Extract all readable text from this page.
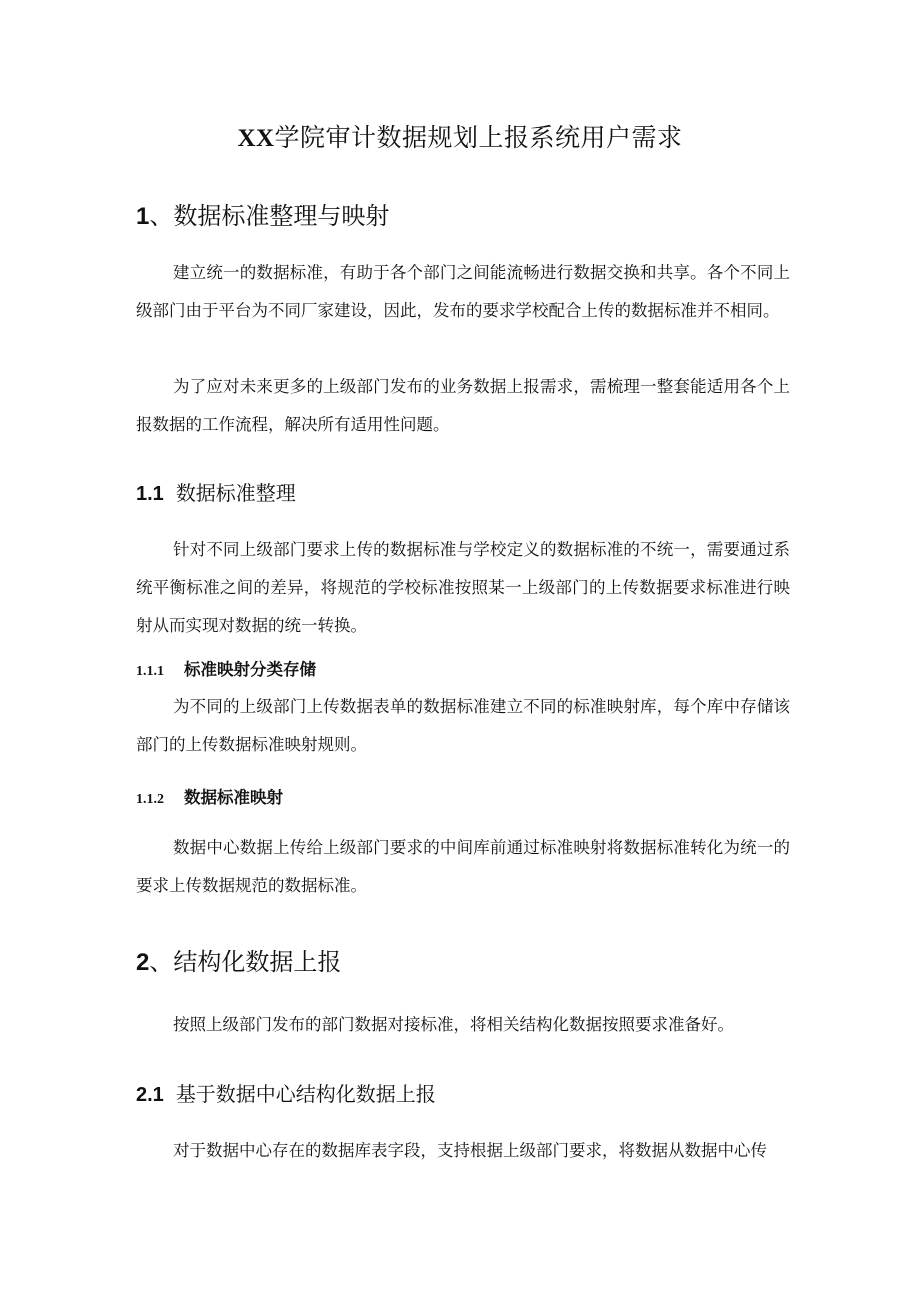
XX学院审计数据规划上报系统用户需求
1、数据标准整理与映射

建立统一的数据标准，有助于各个部门之间能流畅进行数据交换和共享。各个不同上级部门由于平台为不同厂家建设，因此，发布的要求学校配合上传的数据标准并不相同。

为了应对未来更多的上级部门发布的业务数据上报需求，需梳理一整套能适用各个上报数据的工作流程，解决所有适用性问题。

1.1 数据标准整理

针对不同上级部门要求上传的数据标准与学校定义的数据标准的不统一，需要通过系统平衡标准之间的差异，将规范的学校标准按照某一上级部门的上传数据要求标准进行映射从而实现对数据的统一转换。

1.1.1 标准映射分类存储

为不同的上级部门上传数据表单的数据标准建立不同的标准映射库，每个库中存储该部门的上传数据标准映射规则。

1.1.2 数据标准映射

数据中心数据上传给上级部门要求的中间库前通过标准映射将数据标准转化为统一的要求上传数据规范的数据标准。

2、结构化数据上报

按照上级部门发布的部门数据对接标准，将相关结构化数据按照要求准备好。

2.1 基于数据中心结构化数据上报

对于数据中心存在的数据库表字段，支持根据上级部门要求，将数据从数据中心传
